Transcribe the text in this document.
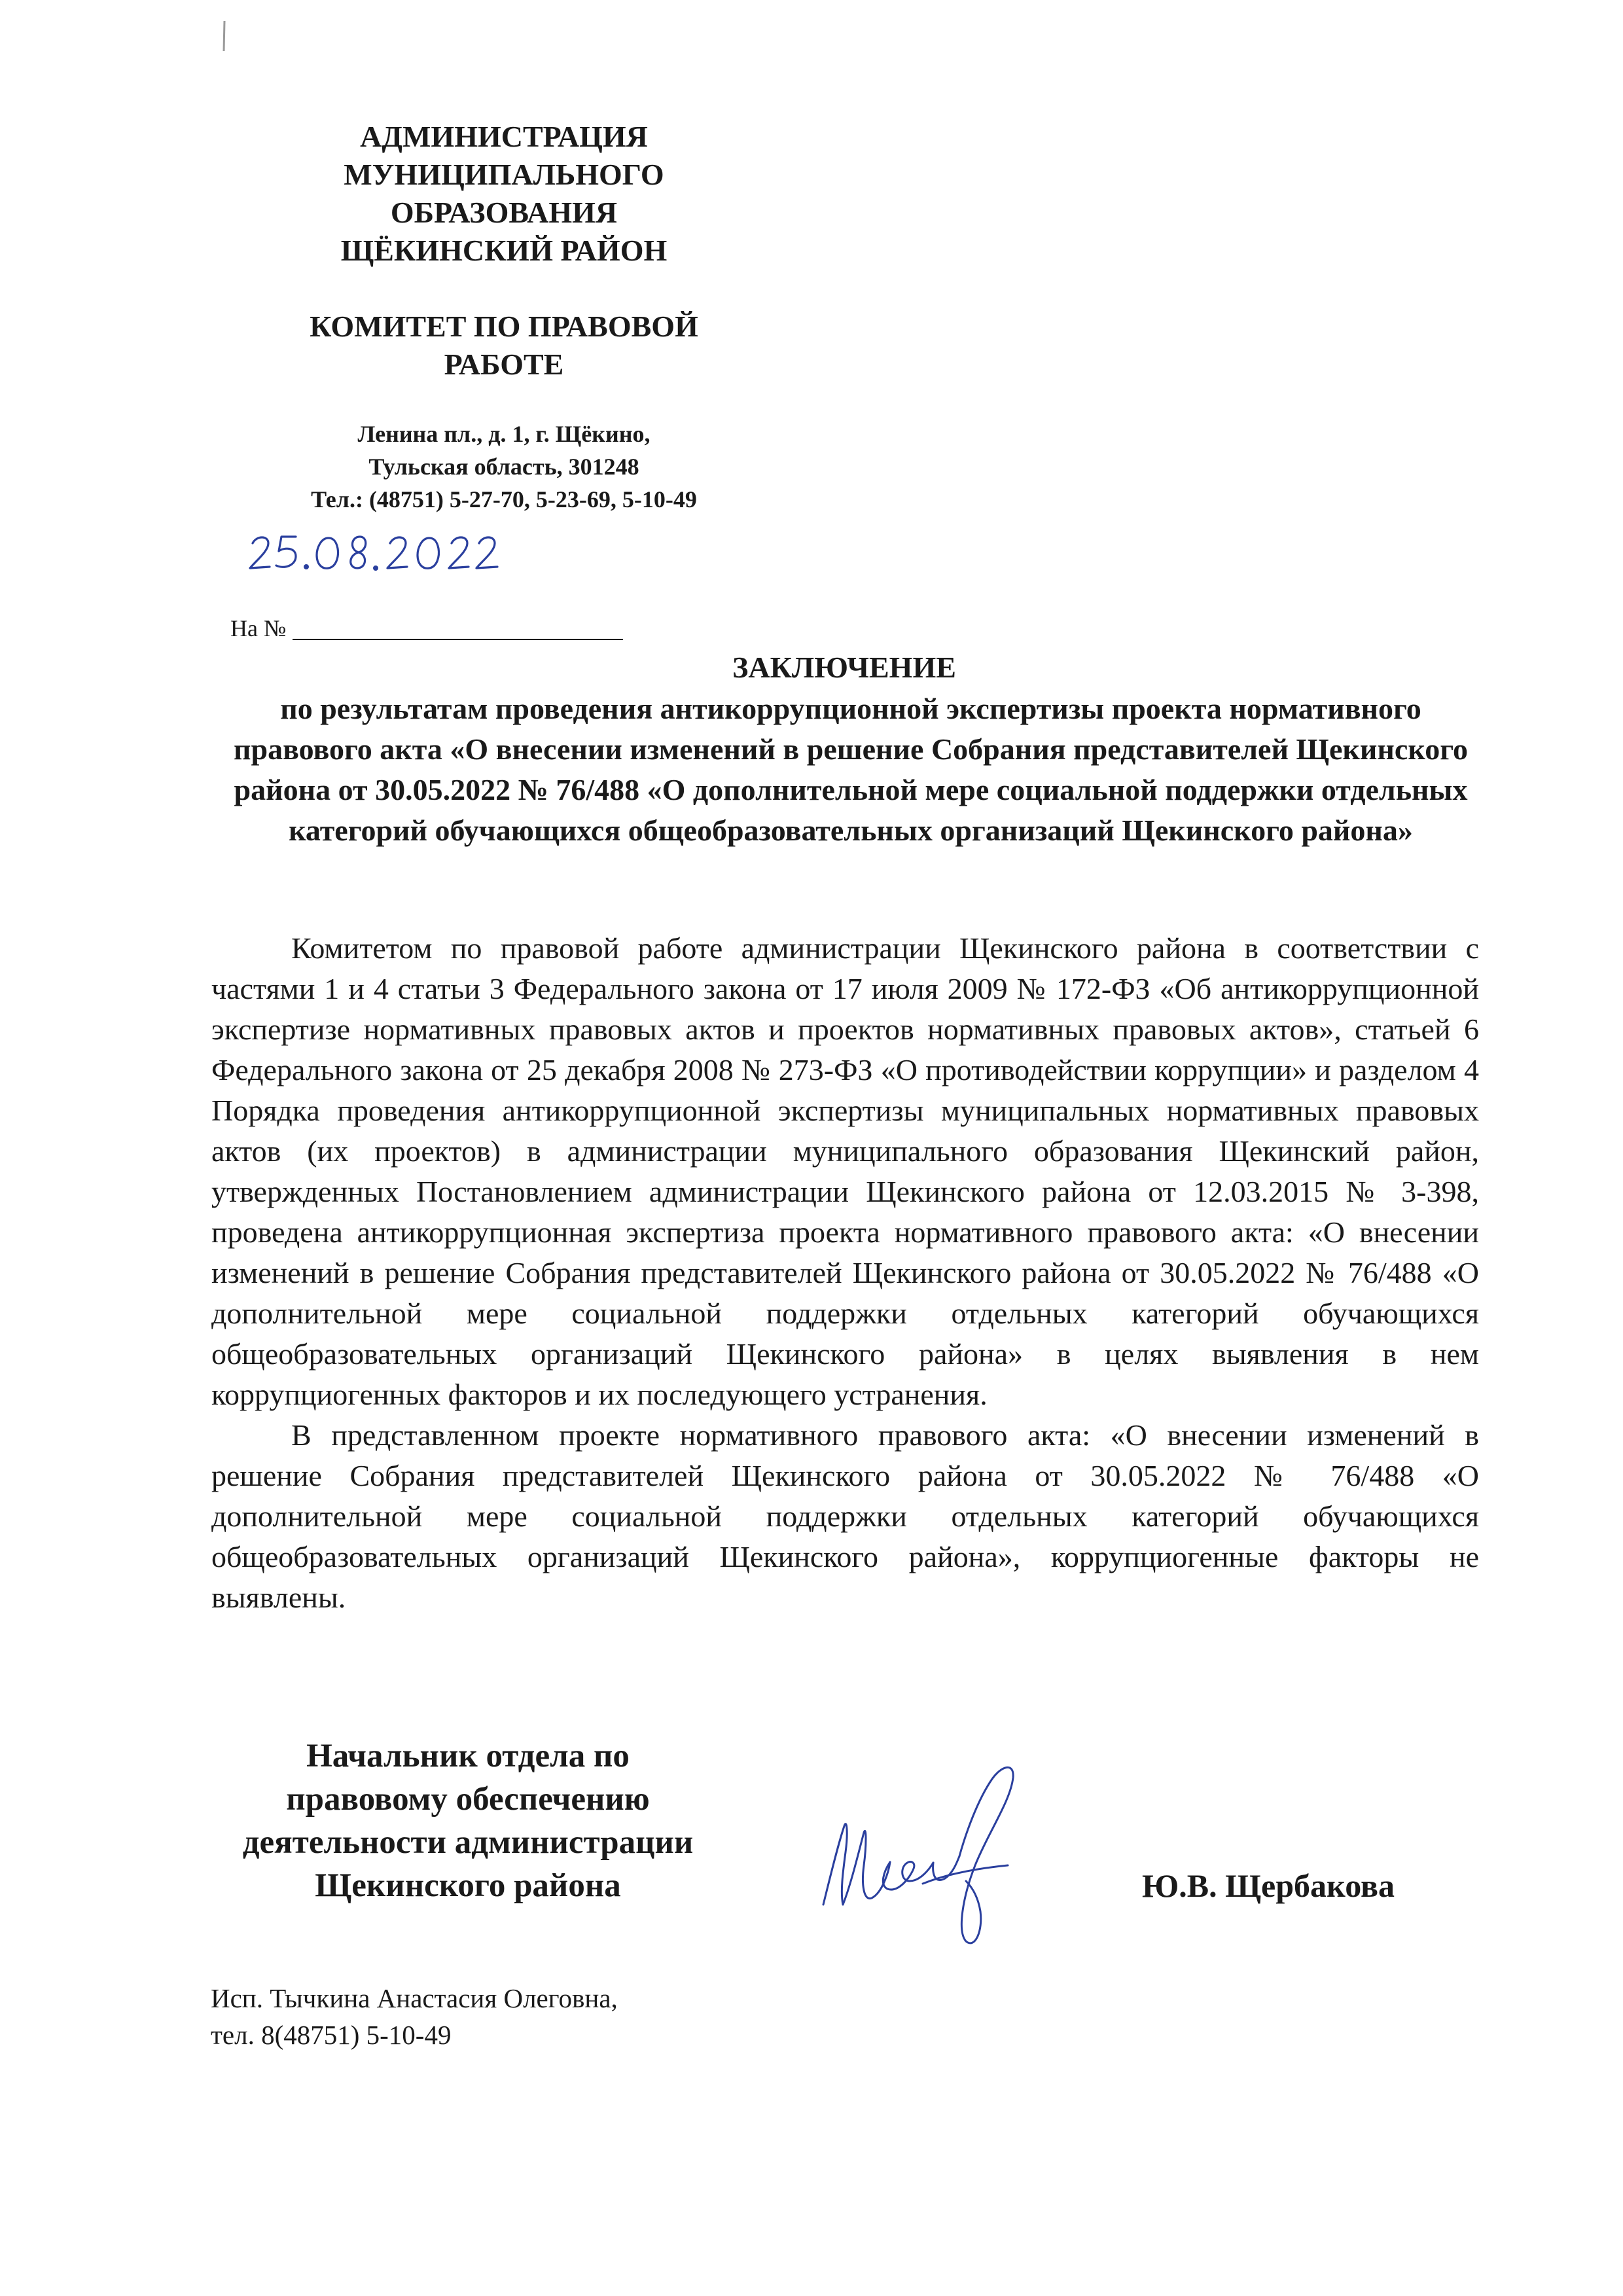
АДМИНИСТРАЦИЯ
МУНИЦИПАЛЬНОГО
ОБРАЗОВАНИЯ
ЩЁКИНСКИЙ РАЙОН
КОМИТЕТ ПО ПРАВОВОЙ
РАБОТЕ
Ленина пл., д. 1, г. Щёкино,
Тульская область, 301248
Тел.: (48751) 5-27-70, 5-23-69, 5-10-49
На №
ЗАКЛЮЧЕНИЕ
по результатам проведения антикоррупционной экспертизы проекта нормативного правового акта «О внесении изменений в решение Собрания представителей Щекинского района от 30.05.2022 № 76/488 «О дополнительной мере социальной поддержки отдельных категорий обучающихся общеобразовательных организаций Щекинского района»

Комитетом по правовой работе администрации Щекинского района в соответствии с частями 1 и 4 статьи 3 Федерального закона от 17 июля 2009 № 172-ФЗ «Об антикоррупционной экспертизе нормативных правовых актов и проектов нормативных правовых актов», статьей 6 Федерального закона от 25 декабря 2008 № 273-ФЗ «О противодействии коррупции» и разделом 4 Порядка проведения антикоррупционной экспертизы муниципальных нормативных правовых актов (их проектов) в администрации муниципального образования Щекинский район, утвержденных Постановлением администрации Щекинского района от 12.03.2015 № 3-398, проведена антикоррупционная экспертиза проекта нормативного правового акта: «О внесении изменений в решение Собрания представителей Щекинского района от 30.05.2022 № 76/488 «О дополнительной мере социальной поддержки отдельных категорий обучающихся общеобразовательных организаций Щекинского района» в целях выявления в нем коррупциогенных факторов и их последующего устранения.

В представленном проекте нормативного правового акта: «О внесении изменений в решение Собрания представителей Щекинского района от 30.05.2022 № 76/488 «О дополнительной мере социальной поддержки отдельных категорий обучающихся общеобразовательных организаций Щекинского района», коррупциогенные факторы не выявлены.

Начальник отдела по
правовому обеспечению
деятельности администрации
Щекинского района	Ю.В. Щербакова
Исп. Тычкина Анастасия Олеговна,
тел. 8(48751) 5-10-49
